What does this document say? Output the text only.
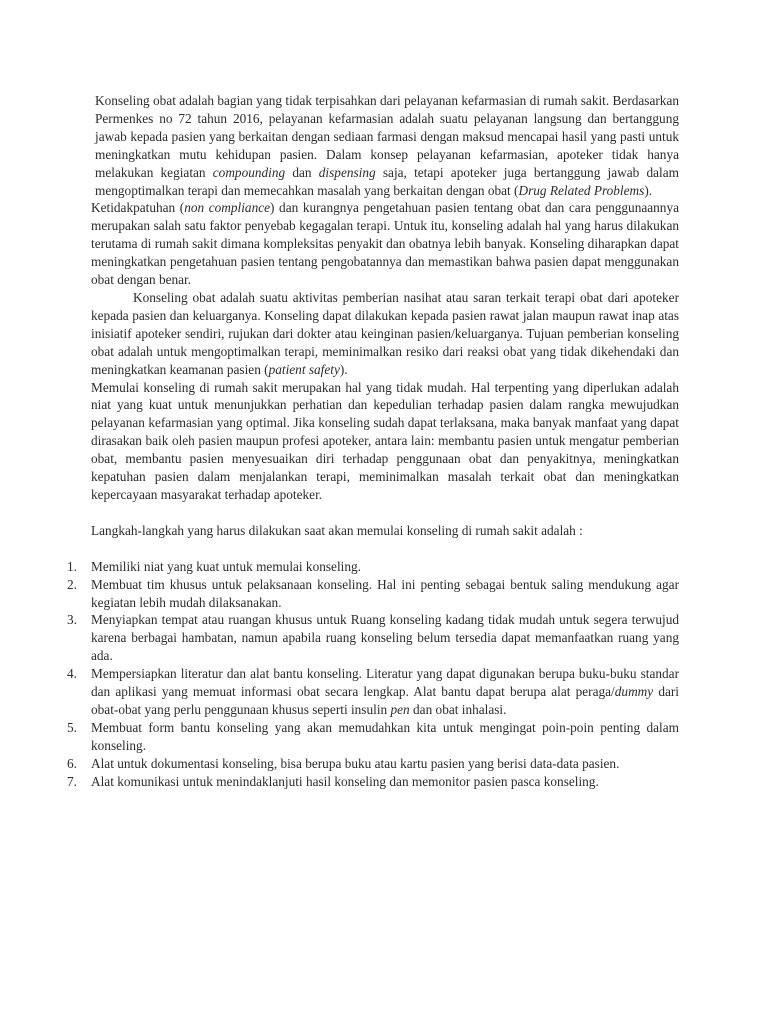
Konseling obat adalah bagian yang tidak terpisahkan dari pelayanan kefarmasian di rumah sakit. Berdasarkan Permenkes no 72 tahun 2016, pelayanan kefarmasian adalah suatu pelayanan langsung dan bertanggung jawab kepada pasien yang berkaitan dengan sediaan farmasi dengan maksud mencapai hasil yang pasti untuk meningkatkan mutu kehidupan pasien. Dalam konsep pelayanan kefarmasian, apoteker tidak hanya melakukan kegiatan compounding dan dispensing saja, tetapi apoteker juga bertanggung jawab dalam mengoptimalkan terapi dan memecahkan masalah yang berkaitan dengan obat (Drug Related Problems).

Ketidakpatuhan (non compliance) dan kurangnya pengetahuan pasien tentang obat dan cara penggunaannya merupakan salah satu faktor penyebab kegagalan terapi. Untuk itu, konseling adalah hal yang harus dilakukan terutama di rumah sakit dimana kompleksitas penyakit dan obatnya lebih banyak. Konseling diharapkan dapat meningkatkan pengetahuan pasien tentang pengobatannya dan memastikan bahwa pasien dapat menggunakan obat dengan benar.

Konseling obat adalah suatu aktivitas pemberian nasihat atau saran terkait terapi obat dari apoteker kepada pasien dan keluarganya. Konseling dapat dilakukan kepada pasien rawat jalan maupun rawat inap atas inisiatif apoteker sendiri, rujukan dari dokter atau keinginan pasien/keluarganya. Tujuan pemberian konseling obat adalah untuk mengoptimalkan terapi, meminimalkan resiko dari reaksi obat yang tidak dikehendaki dan meningkatkan keamanan pasien (patient safety).

Memulai konseling di rumah sakit merupakan hal yang tidak mudah. Hal terpenting yang diperlukan adalah niat yang kuat untuk menunjukkan perhatian dan kepedulian terhadap pasien dalam rangka mewujudkan pelayanan kefarmasian yang optimal. Jika konseling sudah dapat terlaksana, maka banyak manfaat yang dapat dirasakan baik oleh pasien maupun profesi apoteker, antara lain: membantu pasien untuk mengatur pemberian obat, membantu pasien menyesuaikan diri terhadap penggunaan obat dan penyakitnya, meningkatkan kepatuhan pasien dalam menjalankan terapi, meminimalkan masalah terkait obat dan meningkatkan kepercayaan masyarakat terhadap apoteker.

Langkah-langkah yang harus dilakukan saat akan memulai konseling di rumah sakit adalah :

1. Memiliki niat yang kuat untuk memulai konseling.
2. Membuat tim khusus untuk pelaksanaan konseling. Hal ini penting sebagai bentuk saling mendukung agar kegiatan lebih mudah dilaksanakan.
3. Menyiapkan tempat atau ruangan khusus untuk Ruang konseling kadang tidak mudah untuk segera terwujud karena berbagai hambatan, namun apabila ruang konseling belum tersedia dapat memanfaatkan ruang yang ada.
4. Mempersiapkan literatur dan alat bantu konseling. Literatur yang dapat digunakan berupa buku-buku standar dan aplikasi yang memuat informasi obat secara lengkap. Alat bantu dapat berupa alat peraga/dummy dari obat-obat yang perlu penggunaan khusus seperti insulin pen dan obat inhalasi.
5. Membuat form bantu konseling yang akan memudahkan kita untuk mengingat poin-poin penting dalam konseling.
6. Alat untuk dokumentasi konseling, bisa berupa buku atau kartu pasien yang berisi data-data pasien.
7. Alat komunikasi untuk menindaklanjuti hasil konseling dan memonitor pasien pasca konseling.
